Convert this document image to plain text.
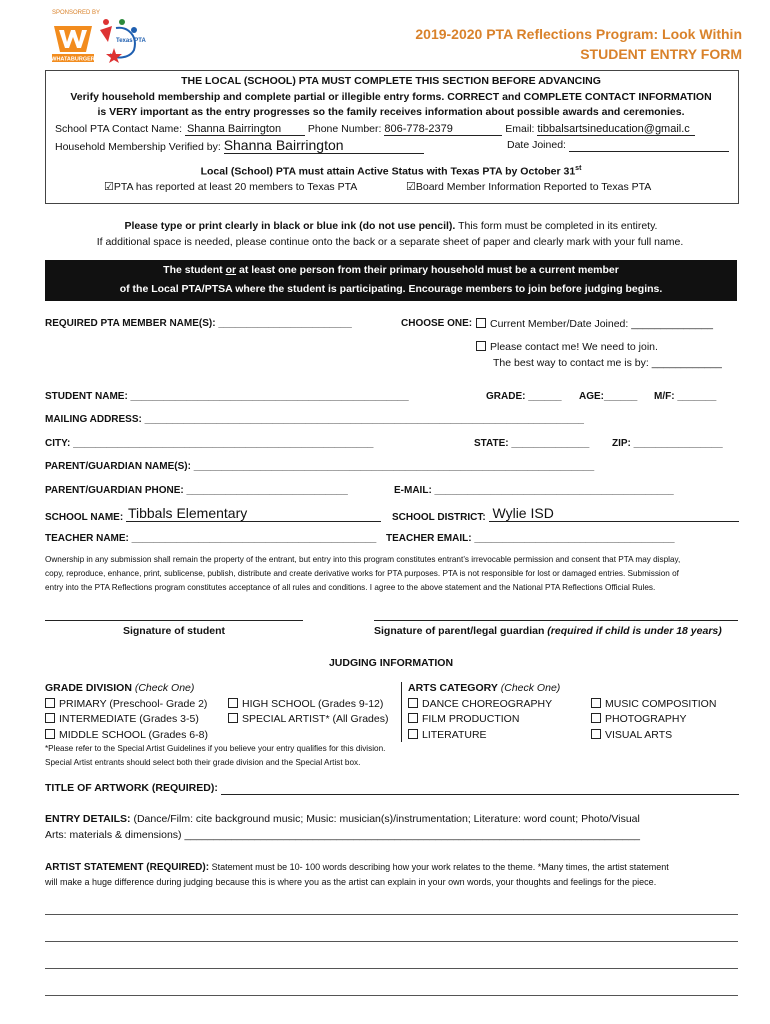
SPONSORED BY
WHATABURGER
Texas PTA	2019-2020 PTA Reflections Program: Look Within
STUDENT ENTRY FORM
THE LOCAL (SCHOOL) PTA MUST COMPLETE THIS SECTION BEFORE ADVANCING
Verify household membership and complete partial or illegible entry forms. CORRECT and COMPLETE CONTACT INFORMATION
is VERY important as the entry progresses so the family receives information about possible awards and ceremonies.
School PTA Contact Name: Shanna Bairrington	Phone Number: 806-778-2379	Email: tibbalsartsineducation@gmail.c
Household Membership Verified by: Shanna Bairrington	Date Joined:
Local (School) PTA must attain Active Status with Texas PTA by October 31st
☑PTA has reported at least 20 members to Texas PTA	☑Board Member Information Reported to Texas PTA
Please type or print clearly in black or blue ink (do not use pencil). This form must be completed in its entirety.
If additional space is needed, please continue onto the back or a separate sheet of paper and clearly mark with your full name.
The student or at least one person from their primary household must be a current member
of the Local PTA/PTSA where the student is participating. Encourage members to join before judging begins.
REQUIRED PTA MEMBER NAME(S): ________________________	CHOOSE ONE:	Current Member/Date Joined: ______________
Please contact me! We need to join.
The best way to contact me is by: ____________
STUDENT NAME: __________________________________________________	GRADE: ______ AGE:______ M/F: _______
MAILING ADDRESS: _______________________________________________________________________________
CITY: ______________________________________________________	STATE: ______________ ZIP: ________________
PARENT/GUARDIAN NAME(S): ________________________________________________________________________
PARENT/GUARDIAN PHONE: _____________________________	E-MAIL: ___________________________________________
SCHOOL NAME: Tibbals Elementary	SCHOOL DISTRICT: Wylie ISD
TEACHER NAME: ____________________________________________ TEACHER EMAIL: ____________________________________
Ownership in any submission shall remain the property of the entrant, but entry into this program constitutes entrant’s irrevocable permission and consent that PTA may display,
copy, reproduce, enhance, print, sublicense, publish, distribute and create derivative works for PTA purposes. PTA is not responsible for lost or damaged entries. Submission of
entry into the PTA Reflections program constitutes acceptance of all rules and conditions. I agree to the above statement and the National PTA Reflections Official Rules.
Signature of student	Signature of parent/legal guardian (required if child is under 18 years)
JUDGING INFORMATION
GRADE DIVISION (Check One)
PRIMARY (Preschool- Grade 2)
INTERMEDIATE (Grades 3-5)
MIDDLE SCHOOL (Grades 6-8)
HIGH SCHOOL (Grades 9-12)
SPECIAL ARTIST* (All Grades)
ARTS CATEGORY (Check One)
DANCE CHOREOGRAPHY
FILM PRODUCTION
LITERATURE
MUSIC COMPOSITION
PHOTOGRAPHY
VISUAL ARTS
*Please refer to the Special Artist Guidelines if you believe your entry qualifies for this division.
Special Artist entrants should select both their grade division and the Special Artist box.
TITLE OF ARTWORK (REQUIRED):
ENTRY DETAILS: (Dance/Film: cite background music; Music: musician(s)/instrumentation; Literature: word count; Photo/Visual
Arts: materials & dimensions) ______________________________________________________________________________
ARTIST STATEMENT (REQUIRED): Statement must be 10- 100 words describing how your work relates to the theme. *Many times, the artist statement
will make a huge difference during judging because this is where you as the artist can explain in your own words, your thoughts and feelings for the piece.
